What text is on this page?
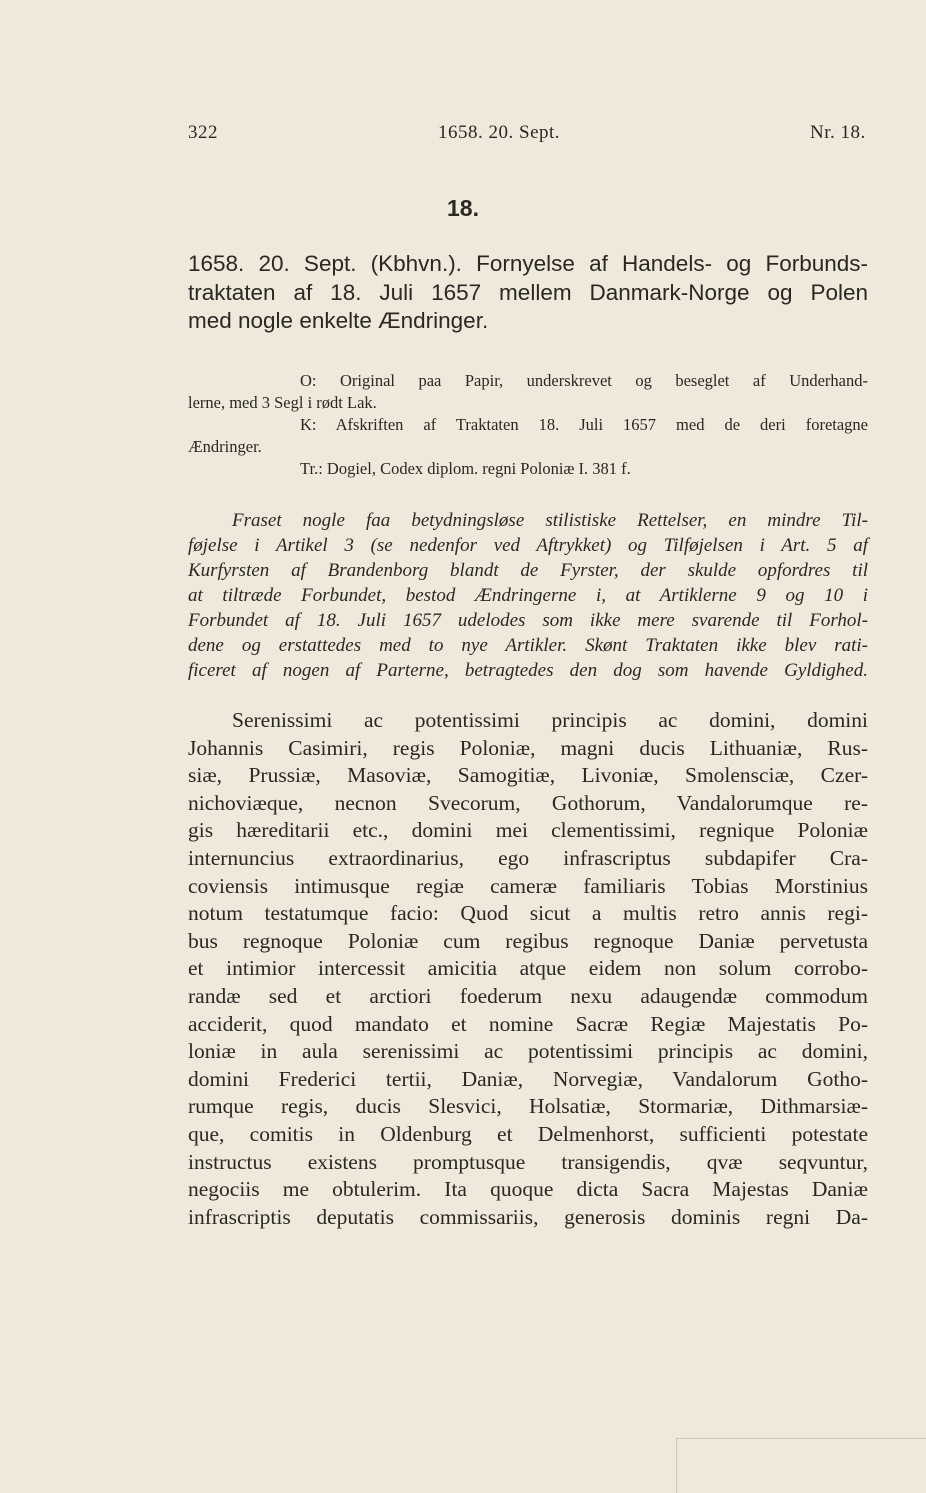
322	1658. 20. Sept.	Nr. 18.
18.
1658. 20. Sept. (Kbhvn.). Fornyelse af Handels- og Forbunds-
traktaten af 18. Juli 1657 mellem Danmark-Norge og Polen
med nogle enkelte Ændringer.
O: Original paa Papir, underskrevet og beseglet af Underhand-
lerne, med 3 Segl i rødt Lak.
K: Afskriften af Traktaten 18. Juli 1657 med de deri foretagne
Ændringer.
Tr.: Dogiel, Codex diplom. regni Poloniæ I. 381 f.
Fraset nogle faa betydningsløse stilistiske Rettelser, en mindre Til-
føjelse i Artikel 3 (se nedenfor ved Aftrykket) og Tilføjelsen i Art. 5 af
Kurfyrsten af Brandenborg blandt de Fyrster, der skulde opfordres til
at tiltræde Forbundet, bestod Ændringerne i, at Artiklerne 9 og 10 i
Forbundet af 18. Juli 1657 udelodes som ikke mere svarende til Forhol-
dene og erstattedes med to nye Artikler. Skønt Traktaten ikke blev rati-
ficeret af nogen af Parterne, betragtedes den dog som havende Gyldighed.
Serenissimi ac potentissimi principis ac domini, domini
Johannis Casimiri, regis Poloniæ, magni ducis Lithuaniæ, Rus-
siæ, Prussiæ, Masoviæ, Samogitiæ, Livoniæ, Smolensciæ, Czer-
nichoviæque, necnon Svecorum, Gothorum, Vandalorumque re-
gis hæreditarii etc., domini mei clementissimi, regnique Poloniæ
internuncius extraordinarius, ego infrascriptus subdapifer Cra-
coviensis intimusque regiæ cameræ familiaris Tobias Morstinius
notum testatumque facio: Quod sicut a multis retro annis regi-
bus regnoque Poloniæ cum regibus regnoque Daniæ pervetusta
et intimior intercessit amicitia atque eidem non solum corrobo-
randæ sed et arctiori foederum nexu adaugendæ commodum
acciderit, quod mandato et nomine Sacræ Regiæ Majestatis Po-
loniæ in aula serenissimi ac potentissimi principis ac domini,
domini Frederici tertii, Daniæ, Norvegiæ, Vandalorum Gotho-
rumque regis, ducis Slesvici, Holsatiæ, Stormariæ, Dithmarsiæ-
que, comitis in Oldenburg et Delmenhorst, sufficienti potestate
instructus existens promptusque transigendis, qvæ seqvuntur,
negociis me obtulerim. Ita quoque dicta Sacra Majestas Daniæ
infrascriptis deputatis commissariis, generosis dominis regni Da-
